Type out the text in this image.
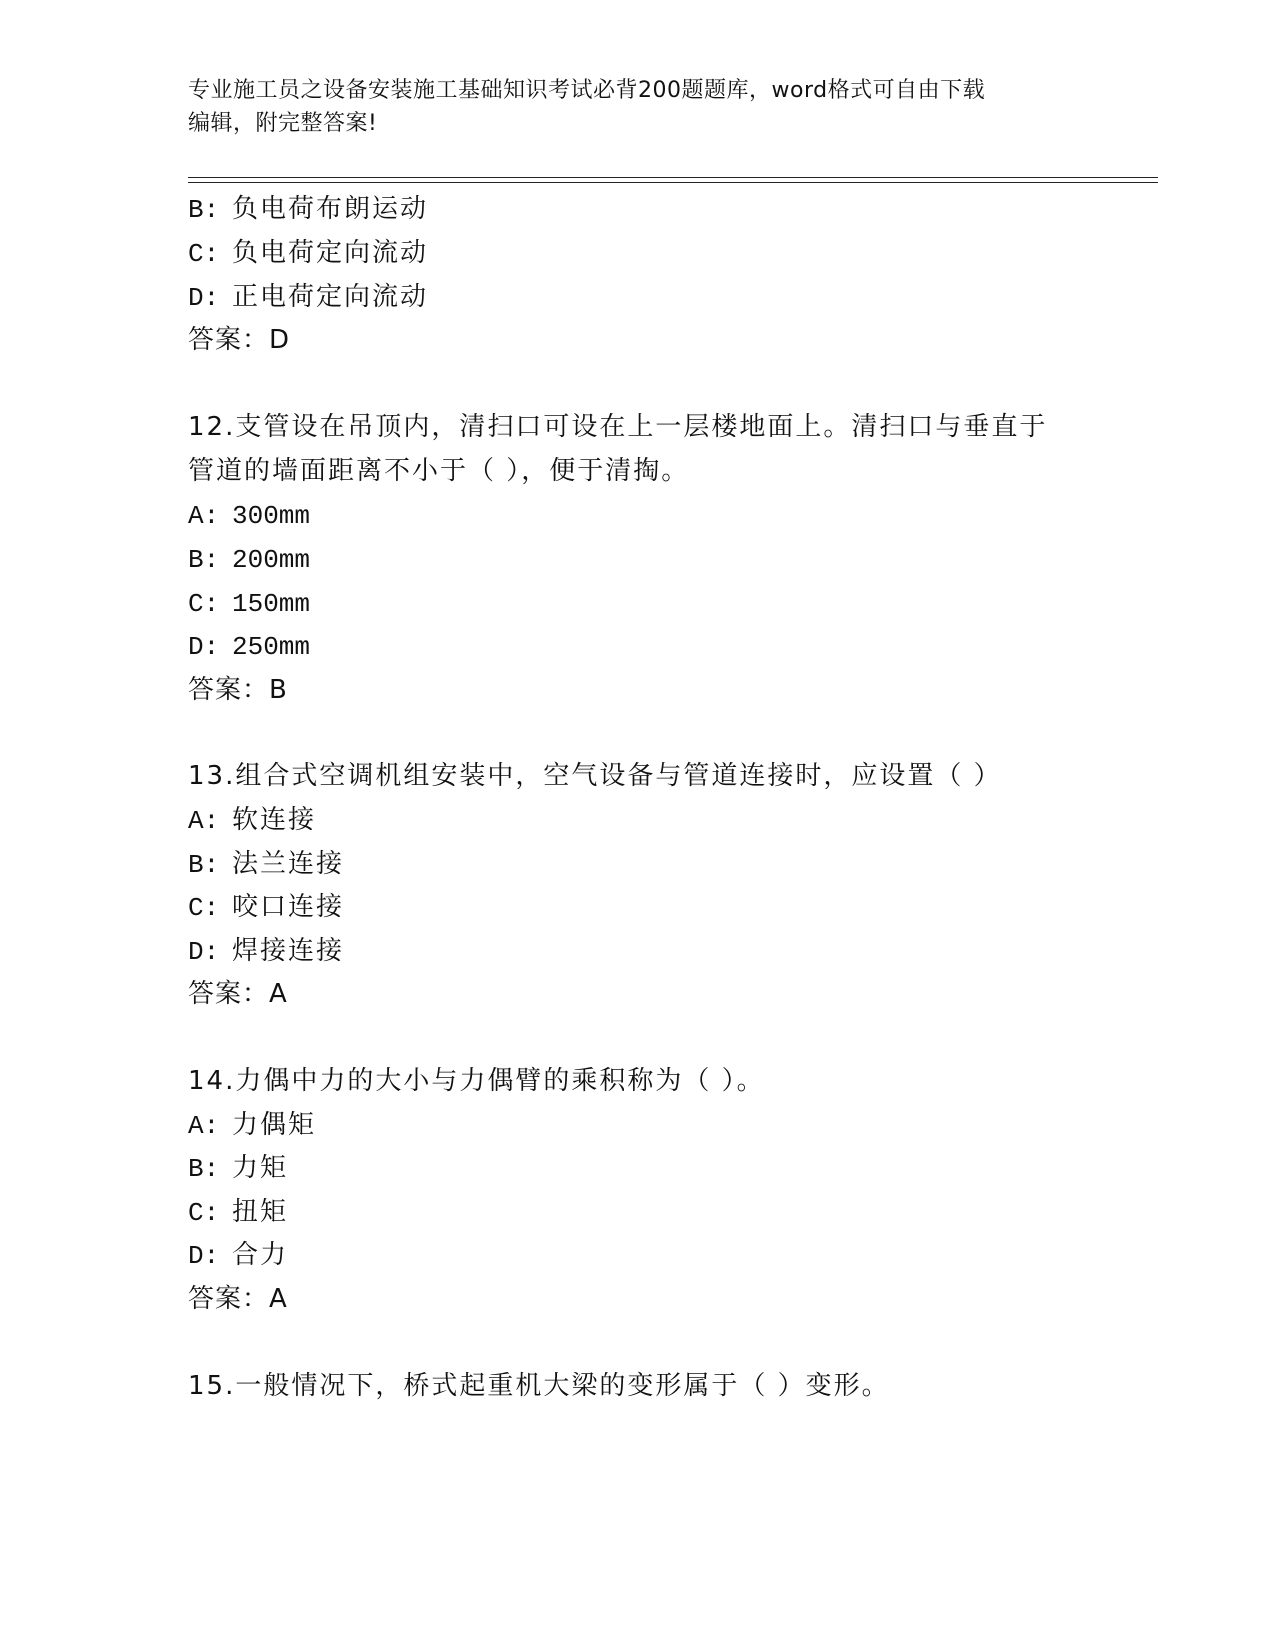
专业施工员之设备安装施工基础知识考试必背200题题库，word格式可自由下载
编辑，附完整答案!
B: 负电荷布朗运动
C: 负电荷定向流动
D: 正电荷定向流动
答案：D
12.支管设在吊顶内，清扫口可设在上一层楼地面上。清扫口与垂直于
管道的墙面距离不小于（ ），便于清掏。
A: 300mm
B: 200mm
C: 150mm
D: 250mm
答案：B
13.组合式空调机组安装中，空气设备与管道连接时，应设置（ ）
A: 软连接
B: 法兰连接
C: 咬口连接
D: 焊接连接
答案：A
14.力偶中力的大小与力偶臂的乘积称为（ ）。
A: 力偶矩
B: 力矩
C: 扭矩
D: 合力
答案：A
15.一般情况下，桥式起重机大梁的变形属于（ ）变形。
